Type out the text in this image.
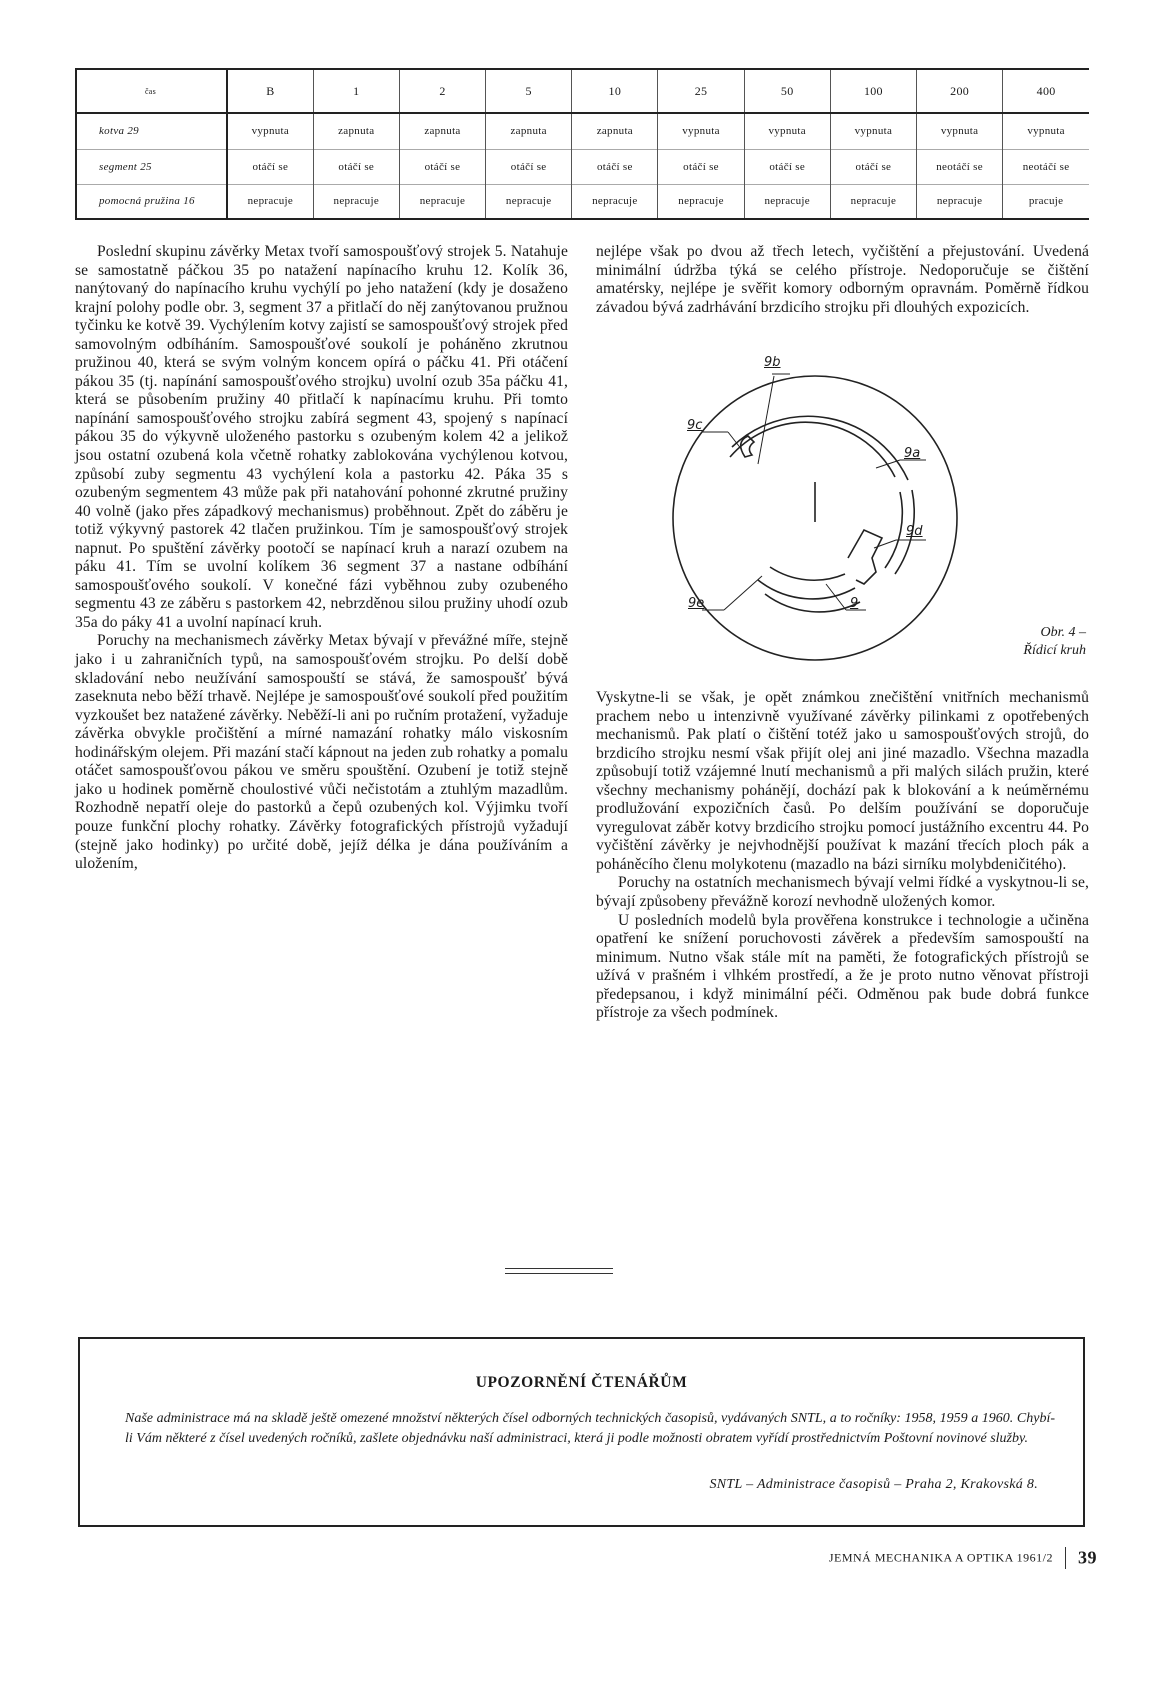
čas	B	1	2	5	10	25	50	100	200	400
kotva 29	vypnuta	zapnuta	zapnuta	zapnuta	zapnuta	vypnuta	vypnuta	vypnuta	vypnuta	vypnuta
segment 25	otáčí se	otáčí se	otáčí se	otáčí se	otáčí se	otáčí se	otáčí se	otáčí se	neotáčí se	neotáčí se
pomocná pružina 16	nepracuje	nepracuje	nepracuje	nepracuje	nepracuje	nepracuje	nepracuje	nepracuje	nepracuje	pracuje

Poslední skupinu závěrky Metax tvoří samospoušťový strojek 5. Natahuje se samostatně páčkou 35 po natažení napínacího kruhu 12. Kolík 36, nanýtovaný do napínacího kruhu vychýlí po jeho natažení (kdy je dosaženo krajní polohy podle obr. 3, segment 37 a přitlačí do něj zanýtovanou pružnou tyčinku ke kotvě 39. Vychýlením kotvy zajistí se samospoušťový strojek před samovolným odbíháním. Samospoušťové soukolí je poháněno zkrutnou pružinou 40, která se svým volným koncem opírá o páčku 41. Při otáčení pákou 35 (tj. napínání samospoušťového strojku) uvolní ozub 35a páčku 41, která se působením pružiny 40 přitlačí k napínacímu kruhu. Při tomto napínání samospoušťového strojku zabírá segment 43, spojený s napínací pákou 35 do výkyvně uloženého pastorku s ozubeným kolem 42 a jelikož jsou ostatní ozubená kola včetně rohatky zablokována vychýlenou kotvou, způsobí zuby segmentu 43 vychýlení kola a pastorku 42. Páka 35 s ozubeným segmentem 43 může pak při natahování pohonné zkrutné pružiny 40 volně (jako přes západkový mechanismus) proběhnout. Zpět do záběru je totiž výkyvný pastorek 42 tlačen pružinkou. Tím je samospoušťový strojek napnut. Po spuštění závěrky pootočí se napínací kruh a narazí ozubem na páku 41. Tím se uvolní kolíkem 36 segment 37 a nastane odbíhání samospoušťového soukolí. V konečné fázi vyběhnou zuby ozubeného segmentu 43 ze záběru s pastorkem 42, nebrzděnou silou pružiny uhodí ozub 35a do páky 41 a uvolní napínací kruh.

Poruchy na mechanismech závěrky Metax bývají v převážné míře, stejně jako i u zahraničních typů, na samospoušťovém strojku. Po delší době skladování nebo neužívání samospouští se stává, že samospoušť bývá zaseknuta nebo běží trhavě. Nejlépe je samospoušťové soukolí před použitím vyzkoušet bez natažené závěrky. Neběží-li ani po ručním protažení, vyžaduje závěrka obvykle pročištění a mírné namazání rohatky málo viskosním hodinářským olejem. Při mazání stačí kápnout na jeden zub rohatky a pomalu otáčet samospoušťovou pákou ve směru spouštění. Ozubení je totiž stejně jako u hodinek poměrně choulostivé vůči nečistotám a ztuhlým mazadlům. Rozhodně nepatří oleje do pastorků a čepů ozubených kol. Výjimku tvoří pouze funkční plochy rohatky. Závěrky fotografických přístrojů vyžadují (stejně jako hodinky) po určité době, jejíž délka je dána používáním a uložením,

nejlépe však po dvou až třech letech, vyčištění a přejustování. Uvedená minimální údržba týká se celého přístroje. Nedoporučuje se čištění amatérsky, nejlépe je svěřit komory odborným opravnám. Poměrně řídkou závadou bývá zadrhávání brzdicího strojku při dlouhých expozicích.

9b
9c
9a
9d
9e	9
Obr. 4 –
Řídicí kruh

Vyskytne-li se však, je opět známkou znečištění vnitřních mechanismů prachem nebo u intenzivně využívané závěrky pilinkami z opotřebených mechanismů. Pak platí o čištění totéž jako u samospoušťových strojů, do brzdicího strojku nesmí však přijít olej ani jiné mazadlo. Všechna mazadla způsobují totiž vzájemné lnutí mechanismů a při malých silách pružin, které všechny mechanismy pohánějí, dochází pak k blokování a k neúměrnému prodlužování expozičních časů. Po delším používání se doporučuje vyregulovat záběr kotvy brzdicího strojku pomocí justážního excentru 44. Po vyčištění závěrky je nejvhodnější používat k mazání třecích ploch pák a poháněcího členu molykotenu (mazadlo na bázi sirníku molybdeničitého).

Poruchy na ostatních mechanismech bývají velmi řídké a vyskytnou-li se, bývají způsobeny převážně korozí nevhodně uložených komor.

U posledních modelů byla prověřena konstrukce i technologie a učiněna opatření ke snížení poruchovosti závěrek a především samospouští na minimum. Nutno však stále mít na paměti, že fotografických přístrojů se užívá v prašném i vlhkém prostředí, a že je proto nutno věnovat přístroji předepsanou, i když minimální péči. Odměnou pak bude dobrá funkce přístroje za všech podmínek.

UPOZORNĚNÍ ČTENÁŘŮM
Naše administrace má na skladě ještě omezené množství některých čísel odborných technických časopisů, vydávaných SNTL, a to ročníky: 1958, 1959 a 1960. Chybí-li Vám některé z čísel uvedených ročníků, zašlete objednávku naší administraci, která ji podle možnosti obratem vyřídí prostřednictvím Poštovní novinové služby.
SNTL – Administrace časopisů – Praha 2, Krakovská 8.
JEMNÁ MECHANIKA A OPTIKA 1961/2 39
